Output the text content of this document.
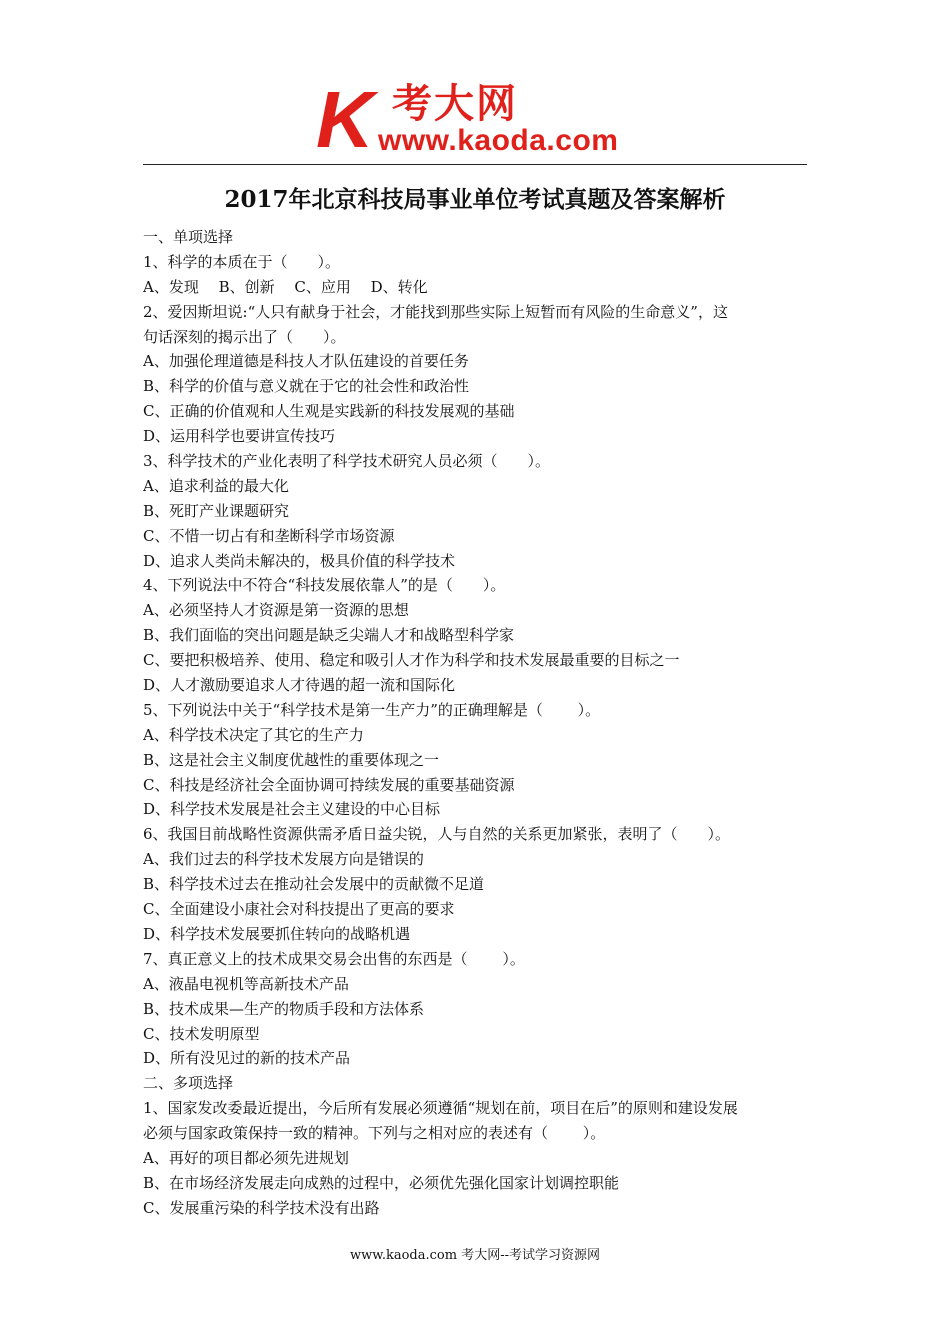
K 考大网
www.kaoda.com
2017年北京科技局事业单位考试真题及答案解析
一、单项选择
1、科学的本质在于（　　）。
A、发现　 B、创新　 C、应用　 D、转化
2、爱因斯坦说:“人只有献身于社会，才能找到那些实际上短暂而有风险的生命意义”，这
句话深刻的揭示出了（　　）。
A、加强伦理道德是科技人才队伍建设的首要任务
B、科学的价值与意义就在于它的社会性和政治性
C、正确的价值观和人生观是实践新的科技发展观的基础
D、运用科学也要讲宣传技巧
3、科学技术的产业化表明了科学技术研究人员必须（　　）。
A、追求利益的最大化
B、死盯产业课题研究
C、不惜一切占有和垄断科学市场资源
D、追求人类尚未解决的，极具价值的科学技术
4、下列说法中不符合“科技发展依靠人”的是（　　）。
A、必须坚持人才资源是第一资源的思想
B、我们面临的突出问题是缺乏尖端人才和战略型科学家
C、要把积极培养、使用、稳定和吸引人才作为科学和技术发展最重要的目标之一
D、人才激励要追求人才待遇的超一流和国际化
5、下列说法中关于“科学技术是第一生产力”的正确理解是（　　 ）。
A、科学技术决定了其它的生产力
B、这是社会主义制度优越性的重要体现之一
C、科技是经济社会全面协调可持续发展的重要基础资源
D、科学技术发展是社会主义建设的中心目标
6、我国目前战略性资源供需矛盾日益尖锐，人与自然的关系更加紧张，表明了（　　）。
A、我们过去的科学技术发展方向是错误的
B、科学技术过去在推动社会发展中的贡献微不足道
C、全面建设小康社会对科技提出了更高的要求
D、科学技术发展要抓住转向的战略机遇
7、真正意义上的技术成果交易会出售的东西是（　　 ）。
A、液晶电视机等高新技术产品
B、技术成果—生产的物质手段和方法体系
C、技术发明原型
D、所有没见过的新的技术产品
二、多项选择
1、国家发改委最近提出，今后所有发展必须遵循“规划在前，项目在后”的原则和建设发展
必须与国家政策保持一致的精神。下列与之相对应的表述有（　　 ）。
A、再好的项目都必须先进规划
B、在市场经济发展走向成熟的过程中，必须优先强化国家计划调控职能
C、发展重污染的科学技术没有出路
www.kaoda.com 考大网--考试学习资源网
